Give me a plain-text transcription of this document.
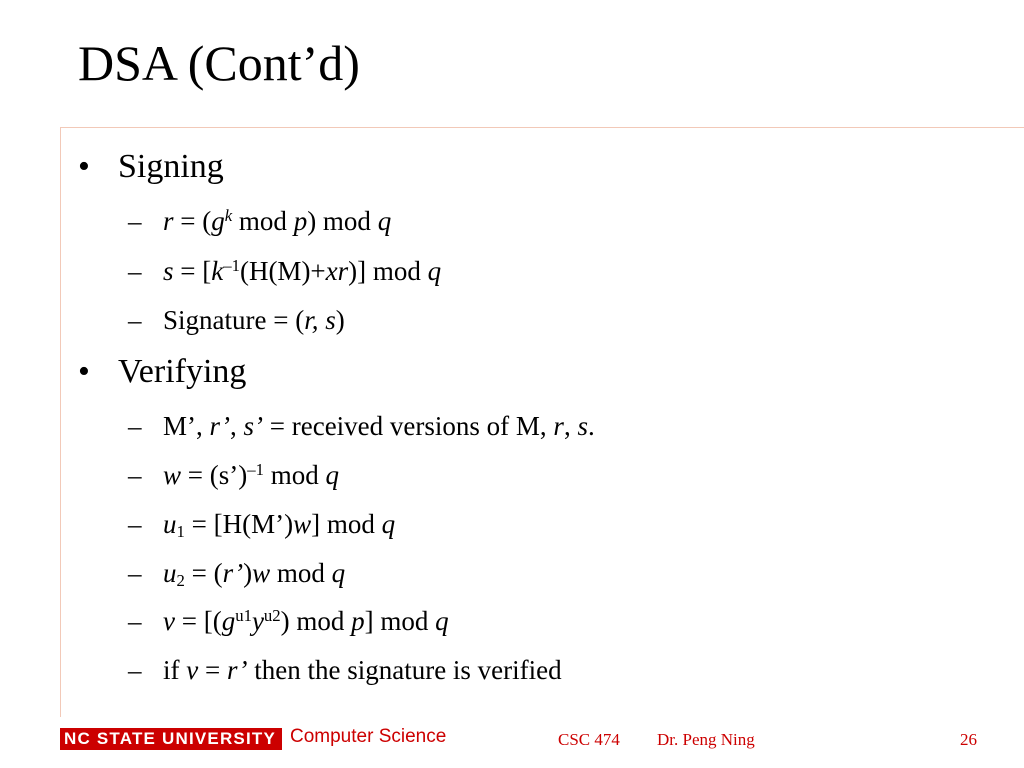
DSA (Cont’d)
• Signing
– $r = (g^k$ mod p) mod q
– $s = [k^{-1}(H(M)+xr)]$ mod q
– Signature = (r, s)
• Verifying
– M’, r’, s’ = received versions of M, r, s.
– w = (s’)$^{-1}$ mod q
– $u_1$ = [H(M’)w] mod q
– $u_2$ = (r’)w mod q
– $v = [(g^{u1}y^{u2})$ mod p] mod q
– if v = r’ then the signature is verified
NC STATE UNIVERSITY Computer Science	CSC 474 Dr. Peng Ning	26
